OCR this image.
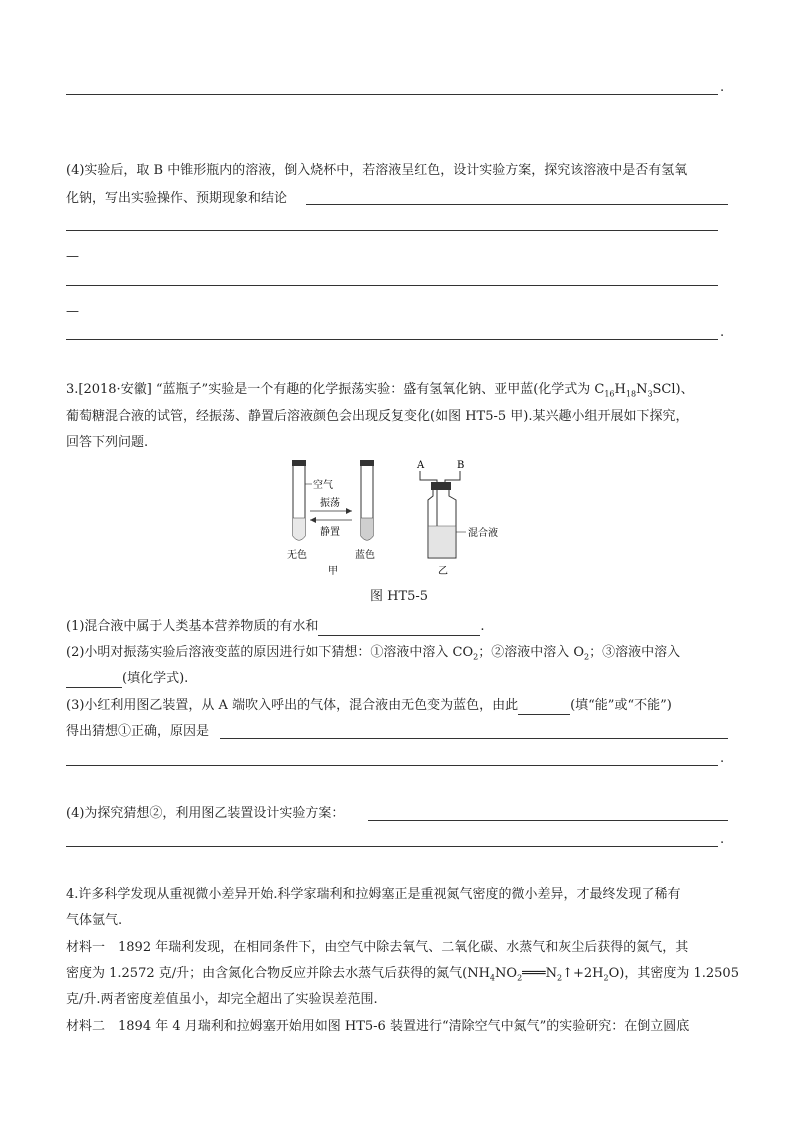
.
(4)实验后，取 B 中锥形瓶内的溶液，倒入烧杯中，若溶液呈红色，设计实验方案，探究该溶液中是否有氢氧
化钠，写出实验操作、预期现象和结论
—
—
.
3.[2018·安徽] “蓝瓶子”实验是一个有趣的化学振荡实验：盛有氢氧化钠、亚甲蓝(化学式为 $C_{16}H_{18}N_3SCl$)、
葡萄糖混合液的试管，经振荡、静置后溶液颜色会出现反复变化(如图 HT5-5 甲).某兴趣小组开展如下探究，
回答下列问题.
空气
振荡
静置
无色	蓝色
甲
A	B
混合液
乙
图 HT5-5
(1)混合液中属于人类基本营养物质的有水和	.
(2)小明对振荡实验后溶液变蓝的原因进行如下猜想：①溶液中溶入 $CO_2$；②溶液中溶入 $O_2$；③溶液中溶入
(填化学式).
(3)小红利用图乙装置，从 A 端吹入呼出的气体，混合液由无色变为蓝色，由此	(填“能”或“不能”)
得出猜想①正确，原因是
.
(4)为探究猜想②，利用图乙装置设计实验方案：
.
4.许多科学发现从重视微小差异开始.科学家瑞利和拉姆塞正是重视氮气密度的微小差异，才最终发现了稀有
气体氩气.
材料一　1892 年瑞利发现，在相同条件下，由空气中除去氧气、二氧化碳、水蒸气和灰尘后获得的氮气，其
密度为 1.2572 克/升；由含氮化合物反应并除去水蒸气后获得的氮气$(NH_4NO_2═══N_2↑+2H_2O)$，其密度为 1.2505
克/升.两者密度差值虽小，却完全超出了实验误差范围.
材料二　1894 年 4 月瑞利和拉姆塞开始用如图 HT5-6 装置进行“清除空气中氮气”的实验研究：在倒立圆底
